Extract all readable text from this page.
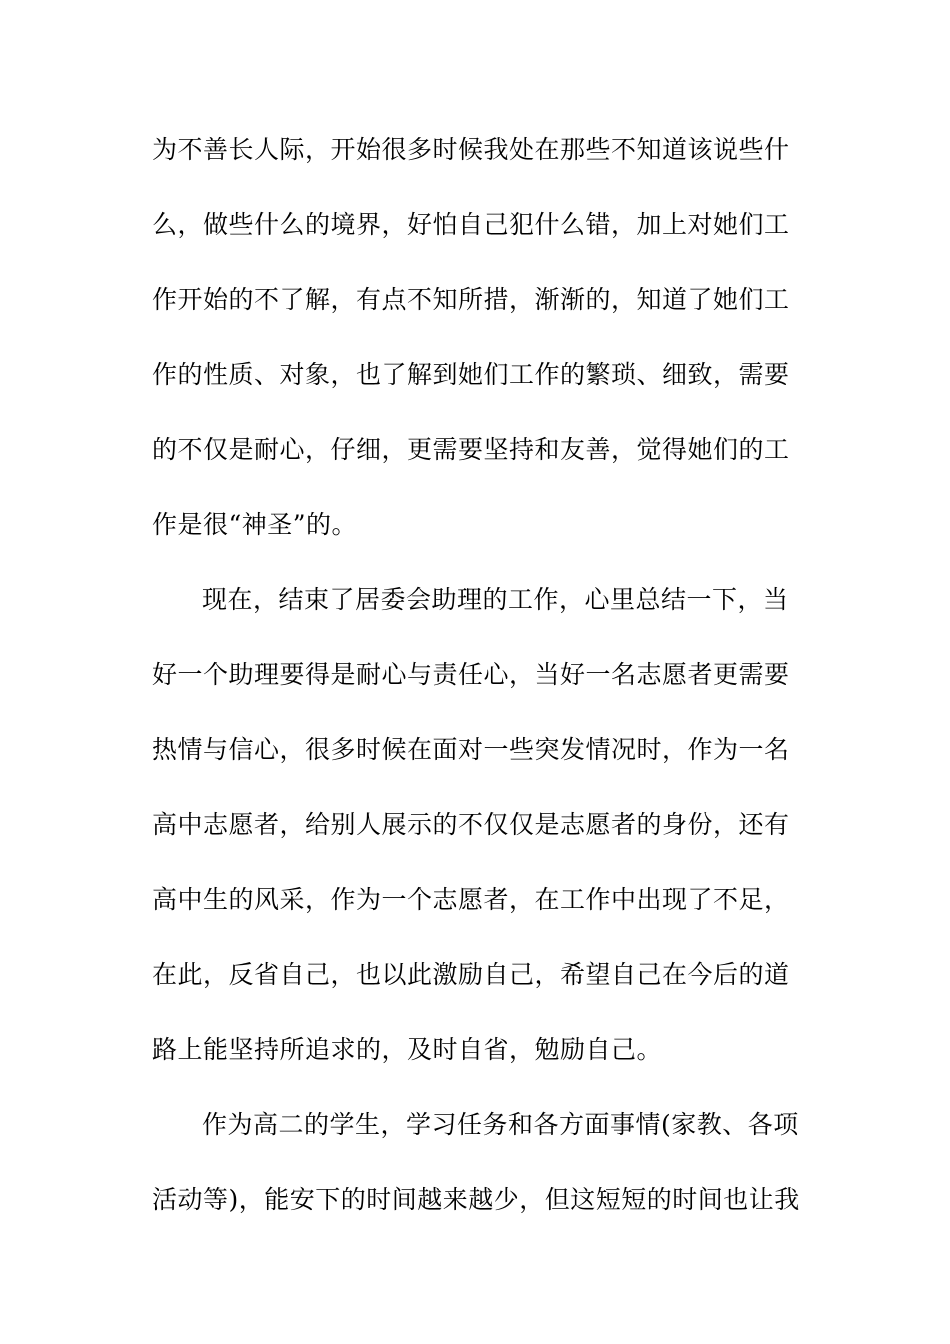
为不善长人际，开始很多时候我处在那些不知道该说些什
么，做些什么的境界，好怕自己犯什么错，加上对她们工
作开始的不了解，有点不知所措，渐渐的，知道了她们工
作的性质、对象，也了解到她们工作的繁琐、细致，需要
的不仅是耐心，仔细，更需要坚持和友善，觉得她们的工
作是很“神圣”的。
现在，结束了居委会助理的工作，心里总结一下，当
好一个助理要得是耐心与责任心，当好一名志愿者更需要
热情与信心，很多时候在面对一些突发情况时，作为一名
高中志愿者，给别人展示的不仅仅是志愿者的身份，还有
高中生的风采，作为一个志愿者，在工作中出现了不足，
在此，反省自己，也以此激励自己，希望自己在今后的道
路上能坚持所追求的，及时自省，勉励自己。
作为高二的学生，学习任务和各方面事情(家教、各项
活动等)，能安下的时间越来越少，但这短短的时间也让我
